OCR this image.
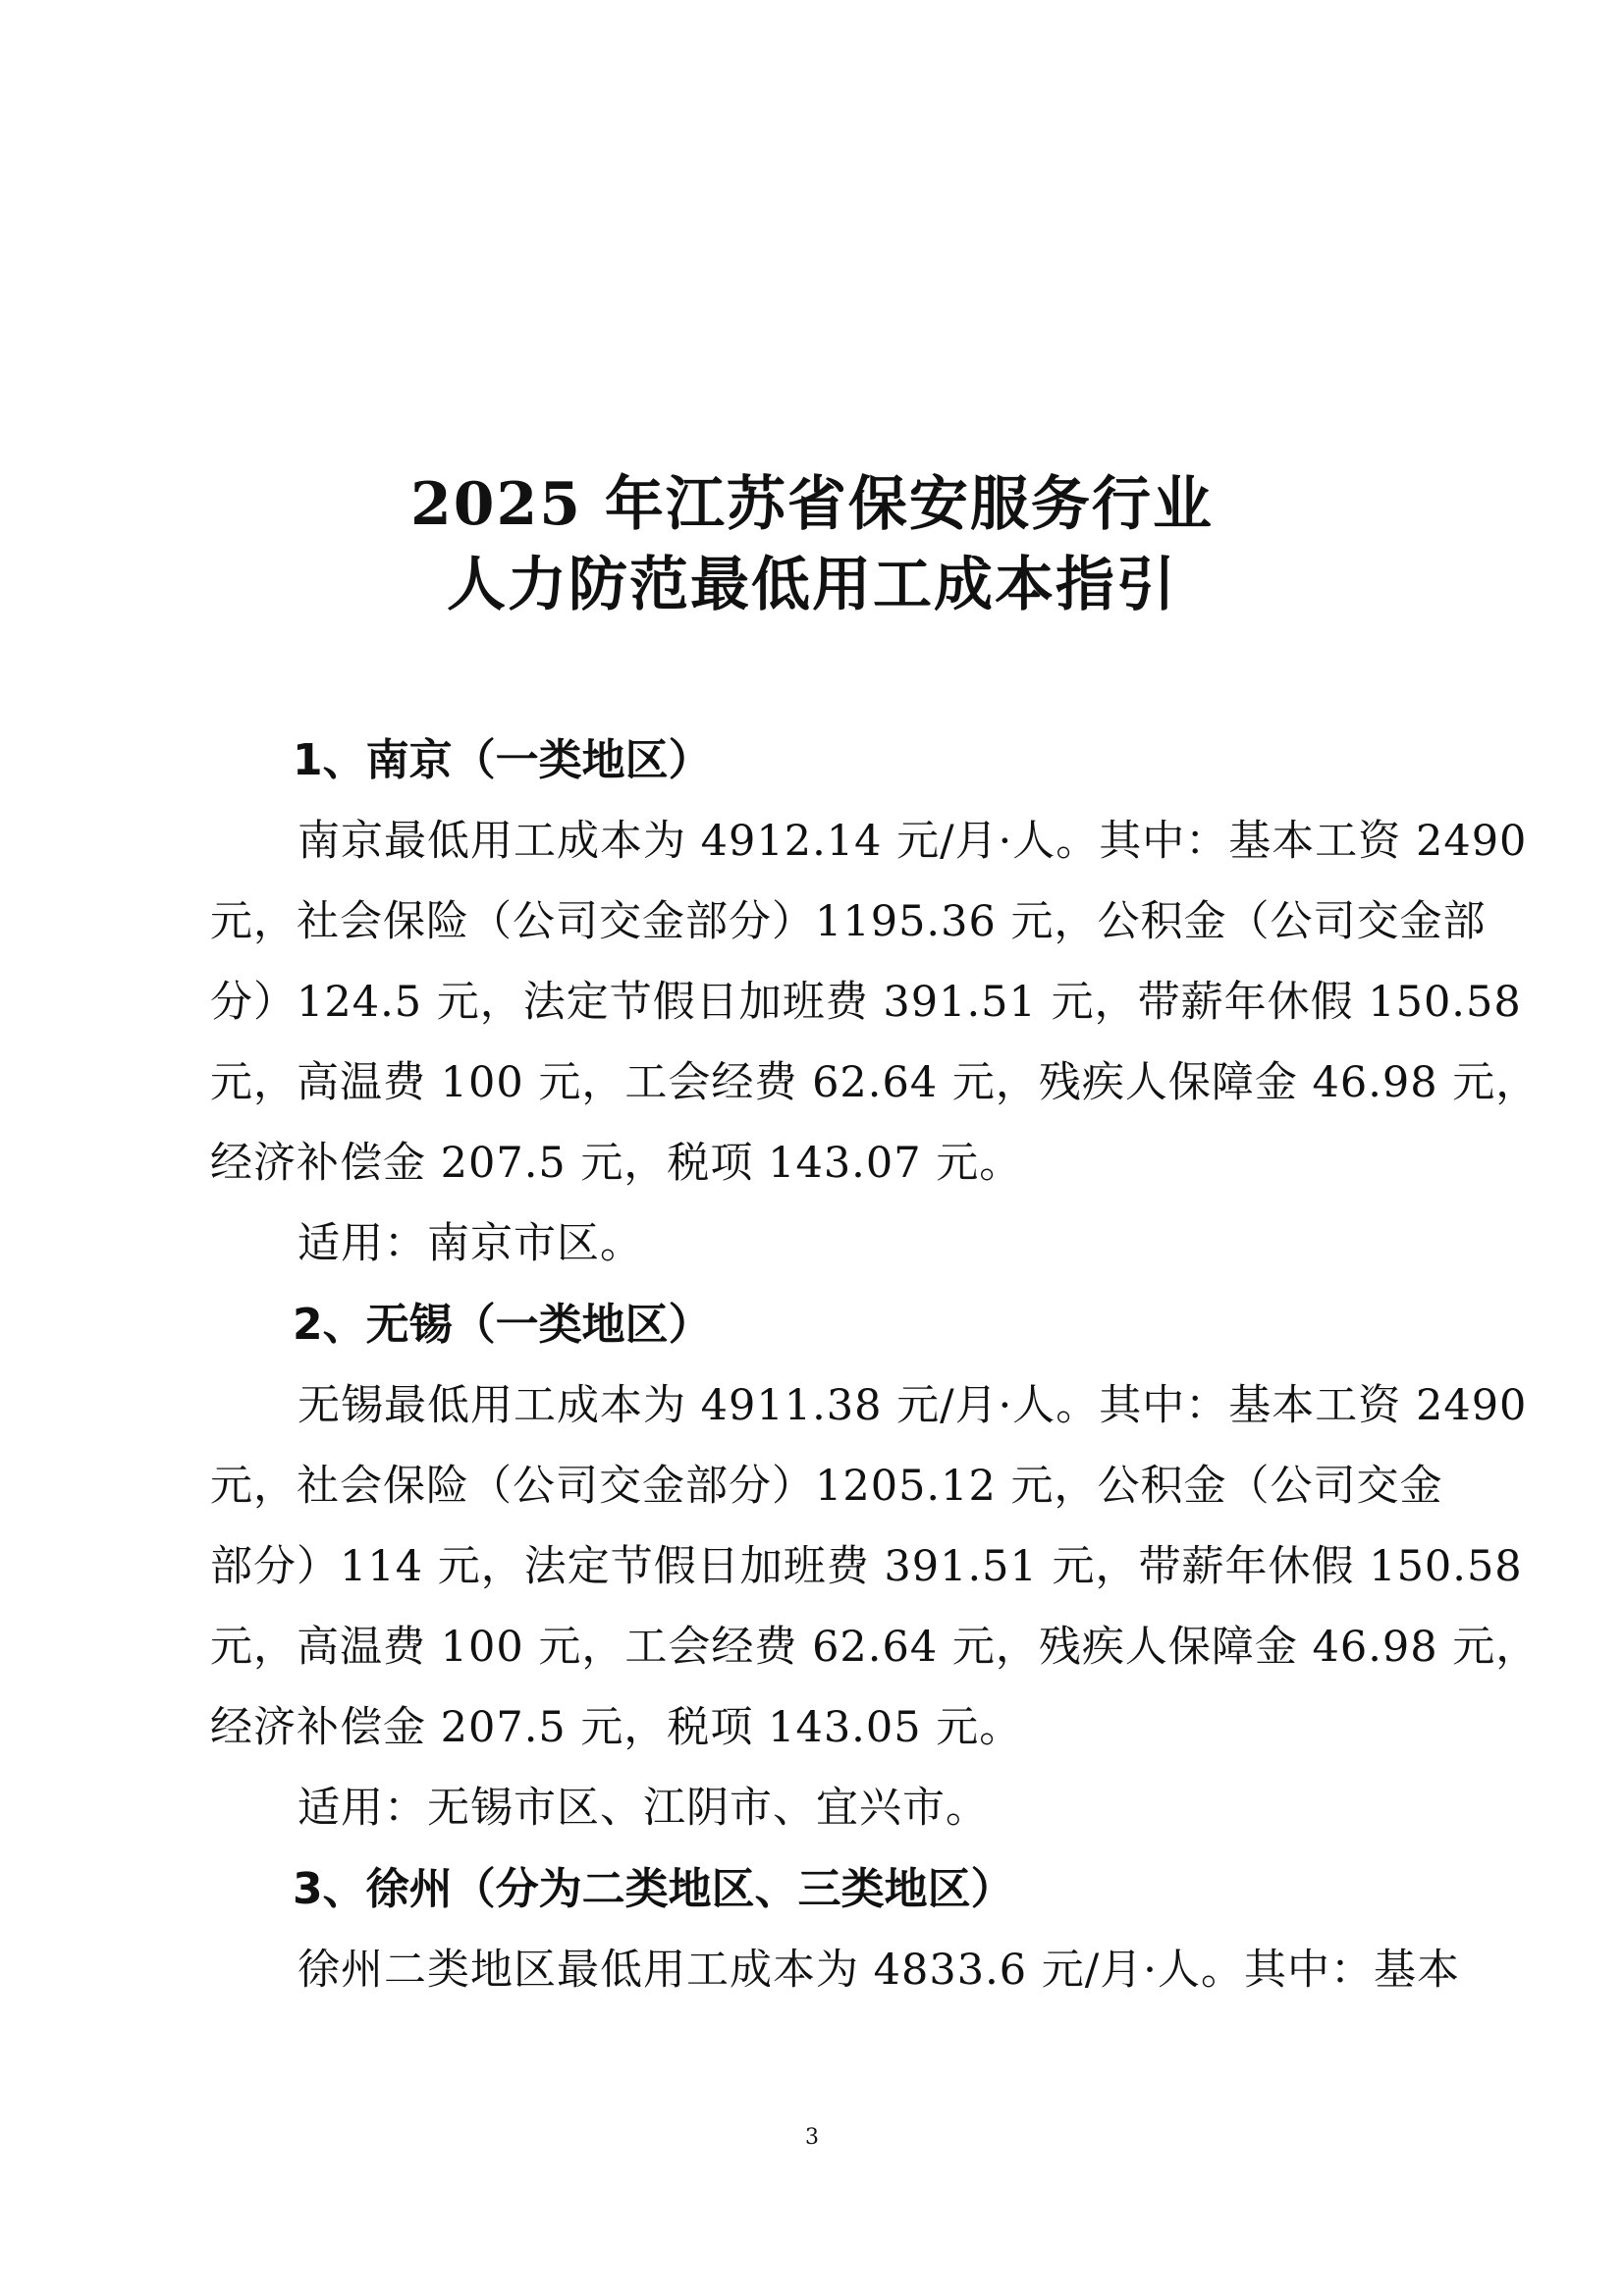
2025 年江苏省保安服务行业
人力防范最低用工成本指引
1、南京（一类地区）
南京最低用工成本为 4912.14 元/月·人。其中：基本工资 2490
元，社会保险（公司交金部分）1195.36 元，公积金（公司交金部
分）124.5 元，法定节假日加班费 391.51 元，带薪年休假 150.58
元，高温费 100 元，工会经费 62.64 元，残疾人保障金 46.98 元，
经济补偿金 207.5 元，税项 143.07 元。
适用：南京市区。
2、无锡（一类地区）
无锡最低用工成本为 4911.38 元/月·人。其中：基本工资 2490
元，社会保险（公司交金部分）1205.12 元，公积金（公司交金
部分）114 元，法定节假日加班费 391.51 元，带薪年休假 150.58
元，高温费 100 元，工会经费 62.64 元，残疾人保障金 46.98 元，
经济补偿金 207.5 元，税项 143.05 元。
适用：无锡市区、江阴市、宜兴市。
3、徐州（分为二类地区、三类地区）
徐州二类地区最低用工成本为 4833.6 元/月·人。其中：基本
3
